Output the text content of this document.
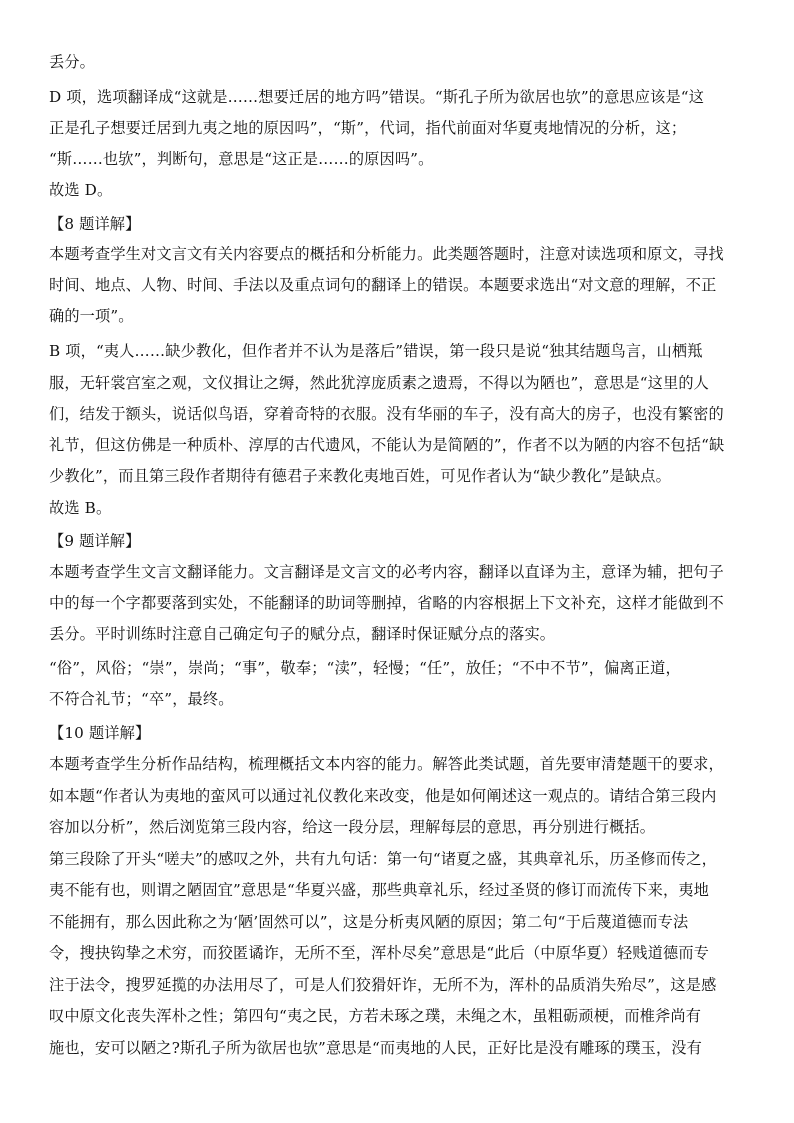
丢分。
D 项，选项翻译成“这就是……想要迁居的地方吗”错误。“斯孔子所为欲居也欤”的意思应该是“这
正是孔子想要迁居到九夷之地的原因吗”，“斯”，代词，指代前面对华夏夷地情况的分析，这；
“斯……也欤”，判断句，意思是“这正是……的原因吗”。
故选 D。
【8 题详解】
本题考查学生对文言文有关内容要点的概括和分析能力。此类题答题时，注意对读选项和原文，寻找
时间、地点、人物、时间、手法以及重点词句的翻译上的错误。本题要求选出“对文意的理解，不正
确的一项”。
B 项，“夷人……缺少教化，但作者并不认为是落后”错误，第一段只是说“独其结题鸟言，山栖羝
服，无轩裳宫室之观，文仪揖让之缛，然此犹淳庞质素之遗焉，不得以为陋也”，意思是“这里的人
们，结发于额头，说话似鸟语，穿着奇特的衣服。没有华丽的车子，没有高大的房子，也没有繁密的
礼节，但这仿佛是一种质朴、淳厚的古代遗风，不能认为是简陋的”，作者不以为陋的内容不包括“缺
少教化”，而且第三段作者期待有德君子来教化夷地百姓，可见作者认为“缺少教化”是缺点。
故选 B。
【9 题详解】
本题考查学生文言文翻译能力。文言翻译是文言文的必考内容，翻译以直译为主，意译为辅，把句子
中的每一个字都要落到实处，不能翻译的助词等删掉，省略的内容根据上下文补充，这样才能做到不
丢分。平时训练时注意自己确定句子的赋分点，翻译时保证赋分点的落实。
“俗”，风俗；“崇”，崇尚；“事”，敬奉；“渎”，轻慢；“任”，放任；“不中不节”，偏离正道，
不符合礼节；“卒”，最终。
【10 题详解】
本题考查学生分析作品结构，梳理概括文本内容的能力。解答此类试题，首先要审清楚题干的要求，
如本题“作者认为夷地的蛮风可以通过礼仪教化来改变，他是如何阐述这一观点的。请结合第三段内
容加以分析”，然后浏览第三段内容，给这一段分层，理解每层的意思，再分别进行概括。
第三段除了开头“嗟夫”的感叹之外，共有九句话：第一句“诸夏之盛，其典章礼乐，历圣修而传之，
夷不能有也，则谓之陋固宜”意思是“华夏兴盛，那些典章礼乐，经过圣贤的修订而流传下来，夷地
不能拥有，那么因此称之为‘陋’固然可以”，这是分析夷风陋的原因；第二句“于后蔑道德而专法
令，搜抉钩挚之术穷，而狡匿谲诈，无所不至，浑朴尽矣”意思是“此后（中原华夏）轻贱道德而专
注于法令，搜罗延揽的办法用尽了，可是人们狡猾奸诈，无所不为，浑朴的品质消失殆尽”，这是感
叹中原文化丧失浑朴之性；第四句“夷之民，方若未琢之璞，未绳之木，虽粗砺顽梗，而椎斧尚有
施也，安可以陋之?斯孔子所为欲居也欤”意思是“而夷地的人民，正好比是没有雕琢的璞玉，没有
